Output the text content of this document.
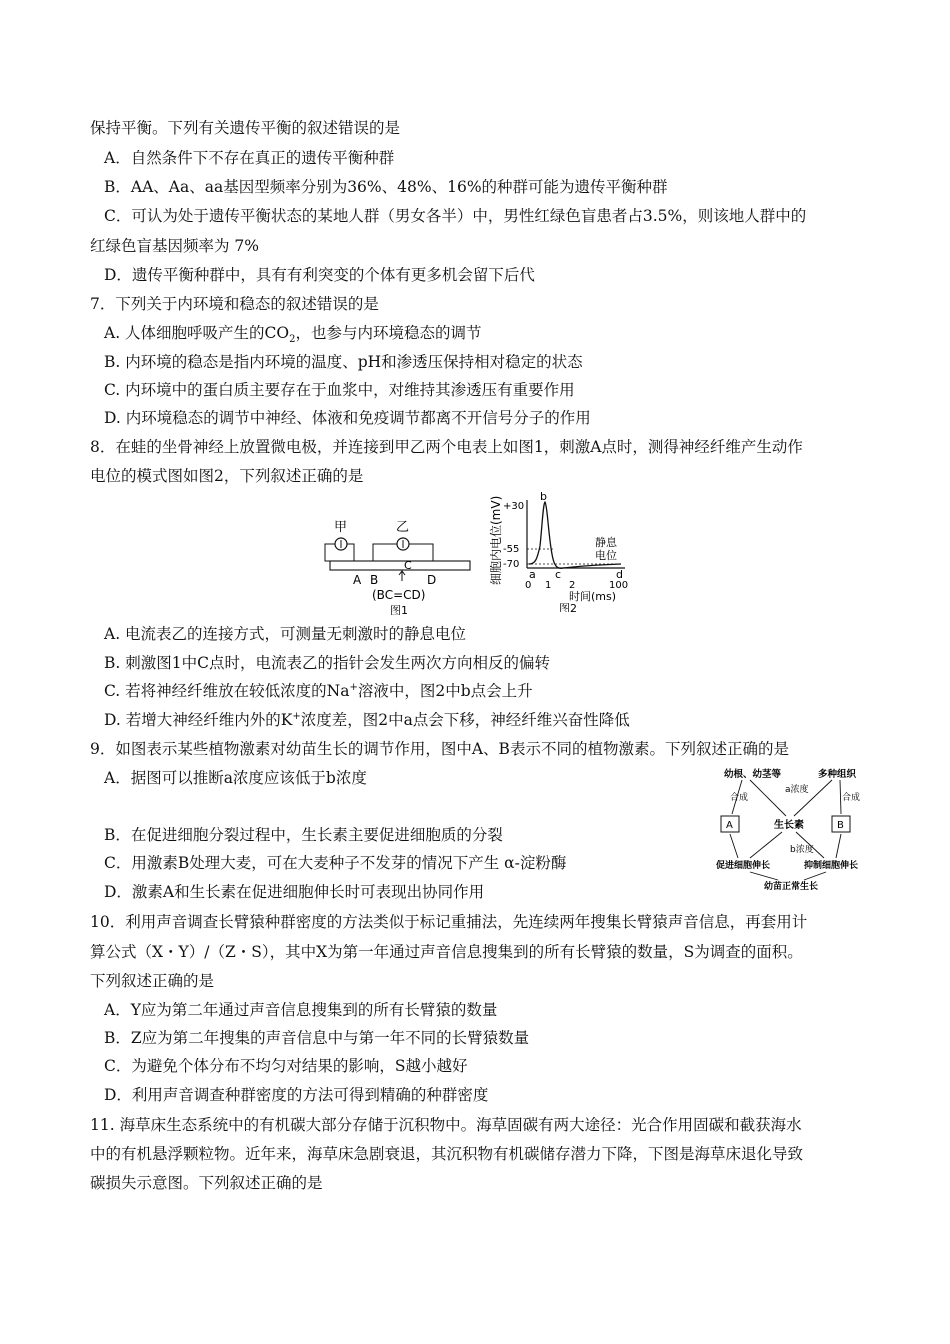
保持平衡。下列有关遗传平衡的叙述错误的是
A．自然条件下不存在真正的遗传平衡种群
B．AA、Aa、aa基因型频率分别为36%、48%、16%的种群可能为遗传平衡种群
C．可认为处于遗传平衡状态的某地人群（男女各半）中，男性红绿色盲患者占3.5%，则该地人群中的
红绿色盲基因频率为 7%
D．遗传平衡种群中，具有有利突变的个体有更多机会留下后代
7．下列关于内环境和稳态的叙述错误的是
A. 人体细胞呼吸产生的$CO_2$，也参与内环境稳态的调节
B. 内环境的稳态是指内环境的温度、pH和渗透压保持相对稳定的状态
C. 内环境中的蛋白质主要存在于血浆中，对维持其渗透压有重要作用
D. 内环境稳态的调节中神经、体液和免疫调节都离不开信号分子的作用
8．在蛙的坐骨神经上放置微电极，并连接到甲乙两个电表上如图1，刺激A点时，测得神经纤维产生动作
电位的模式图如图2，下列叙述正确的是
甲	乙
A B
C
D
(BC=CD)
图1
细胞内电位(mV) +30
-55
-70
b
a c	d
静息
电位
0 1 2	100
时间(ms)
图2
A. 电流表乙的连接方式，可测量无刺激时的静息电位
B. 刺激图1中C点时，电流表乙的指针会发生两次方向相反的偏转
C. 若将神经纤维放在较低浓度的Na+溶液中，图2中b点会上升
D. 若增大神经纤维内外的K+浓度差，图2中a点会下移，神经纤维兴奋性降低
9．如图表示某些植物激素对幼苗生长的调节作用，图中A、B表示不同的植物激素。下列叙述正确的是
A．据图可以推断a浓度应该低于b浓度
B．在促进细胞分裂过程中，生长素主要促进细胞质的分裂
C．用激素B处理大麦，可在大麦种子不发芽的情况下产生 α-淀粉酶
D．激素A和生长素在促进细胞伸长时可表现出协同作用
幼根、幼茎等	多种组织
合成	合成
a浓度
b浓度
A	生长素	B
促进细胞伸长	抑制细胞伸长
幼苗正常生长
10．利用声音调查长臂猿种群密度的方法类似于标记重捕法，先连续两年搜集长臂猿声音信息，再套用计
算公式（X・Y）/（Z・S），其中X为第一年通过声音信息搜集到的所有长臂猿的数量，S为调查的面积。
下列叙述正确的是
A．Y应为第二年通过声音信息搜集到的所有长臂猿的数量
B．Z应为第二年搜集的声音信息中与第一年不同的长臂猿数量
C．为避免个体分布不均匀对结果的影响，S越小越好
D．利用声音调查种群密度的方法可得到精确的种群密度
11. 海草床生态系统中的有机碳大部分存储于沉积物中。海草固碳有两大途径：光合作用固碳和截获海水
中的有机悬浮颗粒物。近年来，海草床急剧衰退，其沉积物有机碳储存潜力下降，下图是海草床退化导致
碳损失示意图。下列叙述正确的是
